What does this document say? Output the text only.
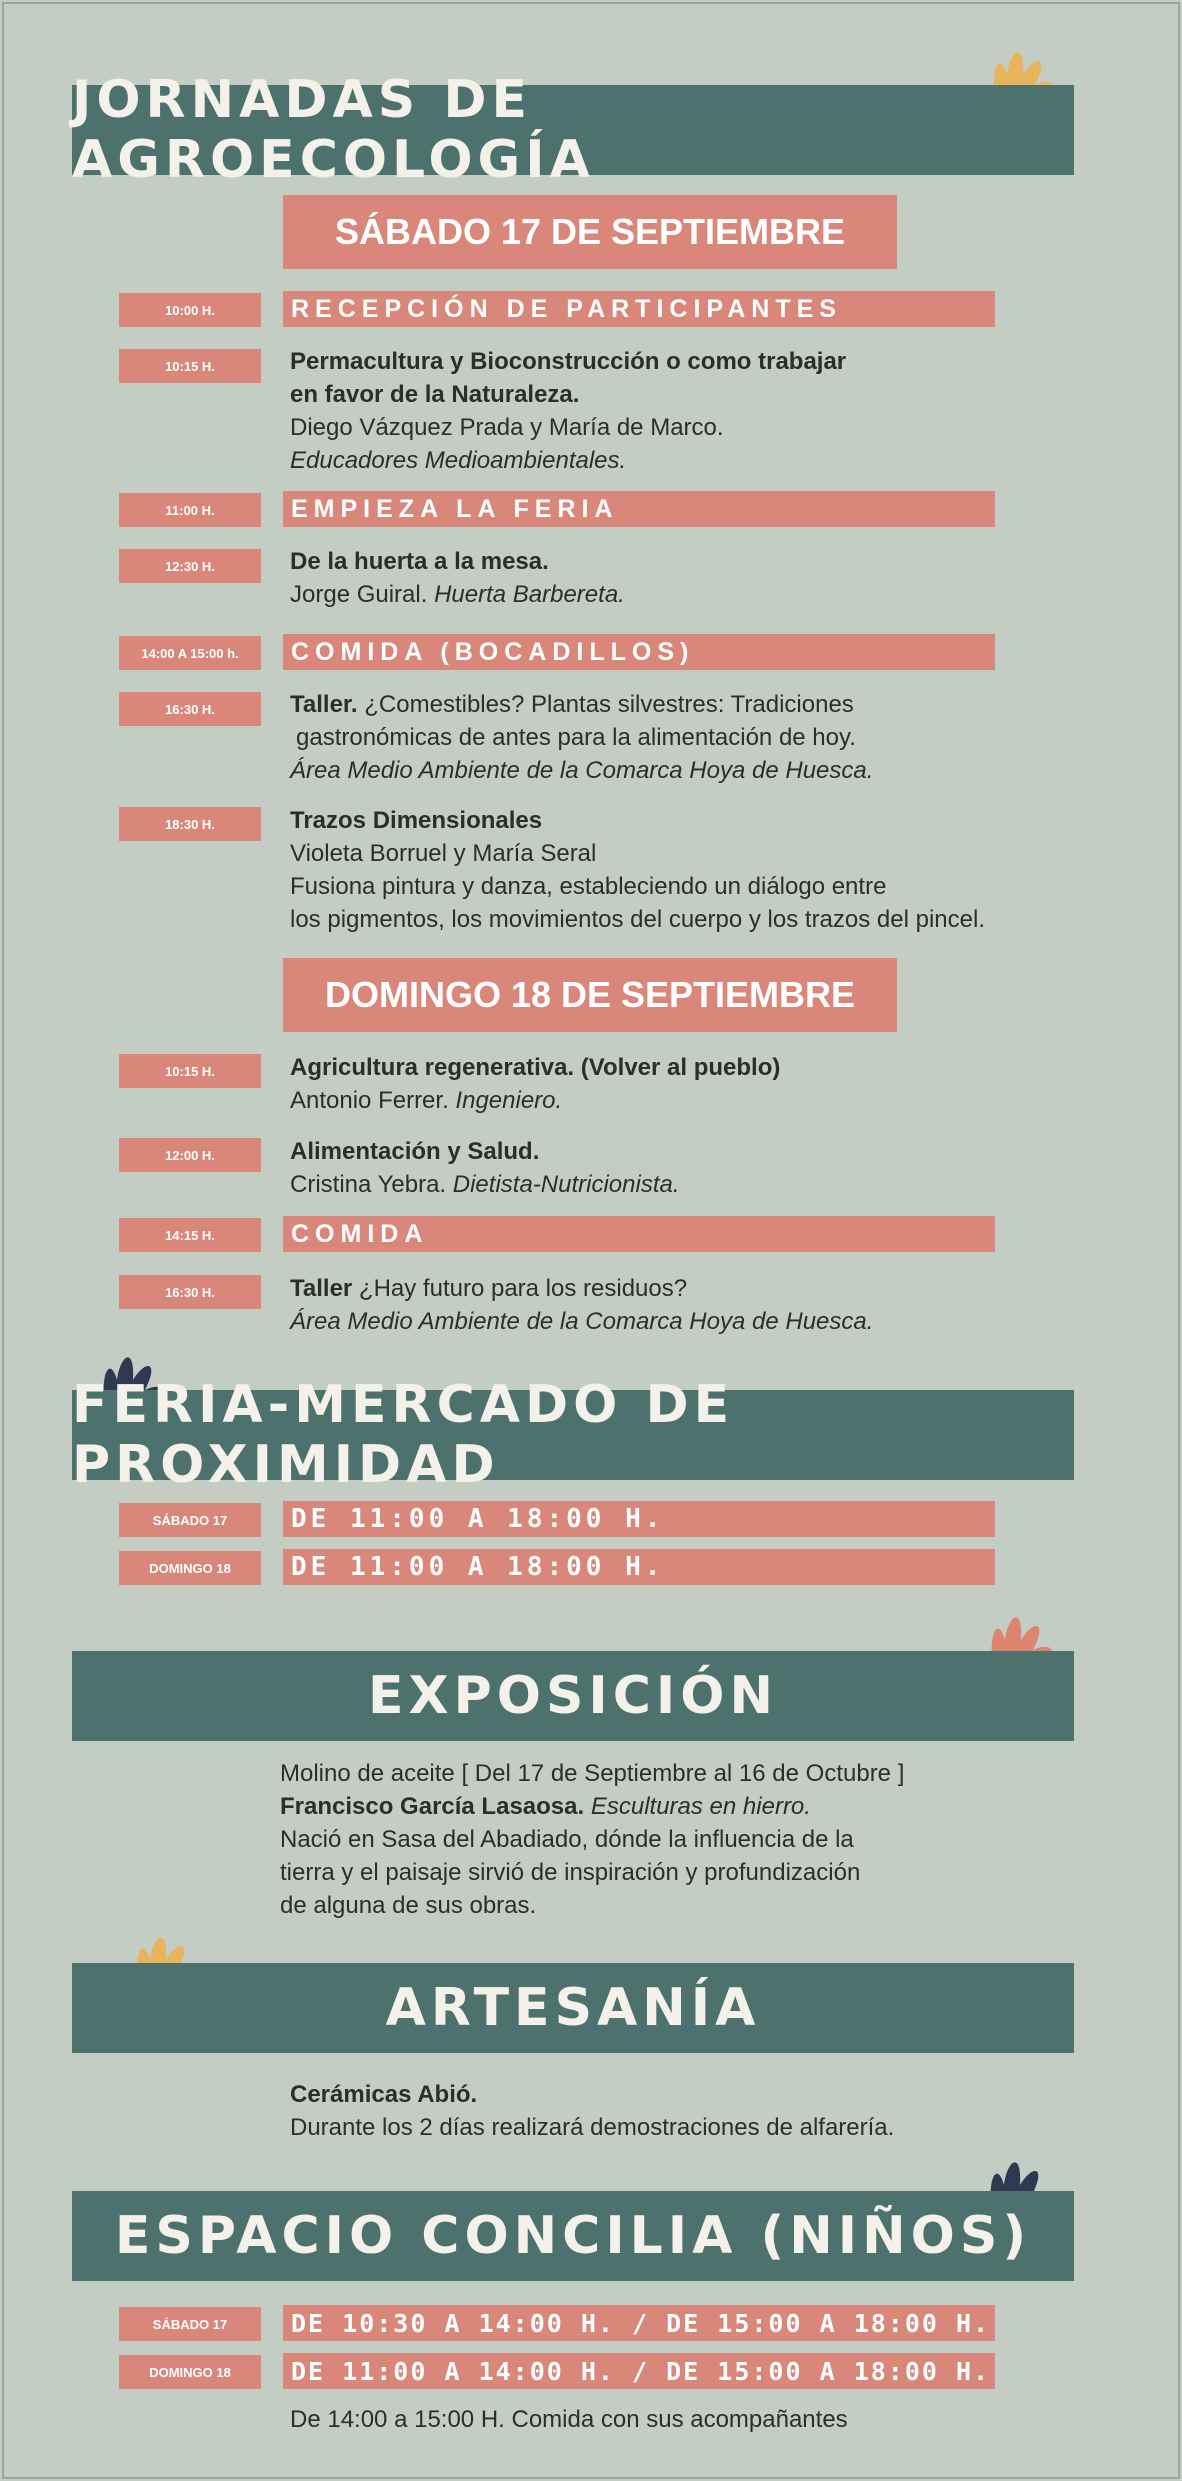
JORNADAS DE AGROECOLOGÍA
SÁBADO 17 DE SEPTIEMBRE
10:00 H.	RECEPCIÓN DE PARTICIPANTES
10:15 H.	Permacultura y Bioconstrucción o como trabajar
en favor de la Naturaleza.
Diego Vázquez Prada y María de Marco.
Educadores Medioambientales.
11:00 H.	EMPIEZA LA FERIA
12:30 H.	De la huerta a la mesa.
Jorge Guiral. Huerta Barbereta.
14:00 A 15:00 h.	COMIDA (BOCADILLOS)
16:30 H.	Taller. ¿Comestibles? Plantas silvestres: Tradiciones
gastronómicas de antes para la alimentación de hoy.
Área Medio Ambiente de la Comarca Hoya de Huesca.
18:30 H.	Trazos Dimensionales
Violeta Borruel y María Seral
Fusiona pintura y danza, estableciendo un diálogo entre
los pigmentos, los movimientos del cuerpo y los trazos del pincel.
DOMINGO 18 DE SEPTIEMBRE
10:15 H.	Agricultura regenerativa. (Volver al pueblo)
Antonio Ferrer. Ingeniero.
12:00 H.	Alimentación y Salud.
Cristina Yebra. Dietista-Nutricionista.
14:15 H.	COMIDA
16:30 H.	Taller ¿Hay futuro para los residuos?
Área Medio Ambiente de la Comarca Hoya de Huesca.
FERIA-MERCADO DE PROXIMIDAD
SÁBADO 17	DE 11:00 A 18:00 H.
DOMINGO 18	DE 11:00 A 18:00 H.
EXPOSICIÓN
Molino de aceite [ Del 17 de Septiembre al 16 de Octubre ]
Francisco García Lasaosa. Esculturas en hierro.
Nació en Sasa del Abadiado, dónde la influencia de la
tierra y el paisaje sirvió de inspiración y profundización
de alguna de sus obras.
ARTESANÍA
Cerámicas Abió.
Durante los 2 días realizará demostraciones de alfarería.
ESPACIO CONCILIA (NIÑOS)
SÁBADO 17	DE 10:30 A 14:00 H. / DE 15:00 A 18:00 H.
DOMINGO 18	DE 11:00 A 14:00 H. / DE 15:00 A 18:00 H.
De 14:00 a 15:00 H. Comida con sus acompañantes
